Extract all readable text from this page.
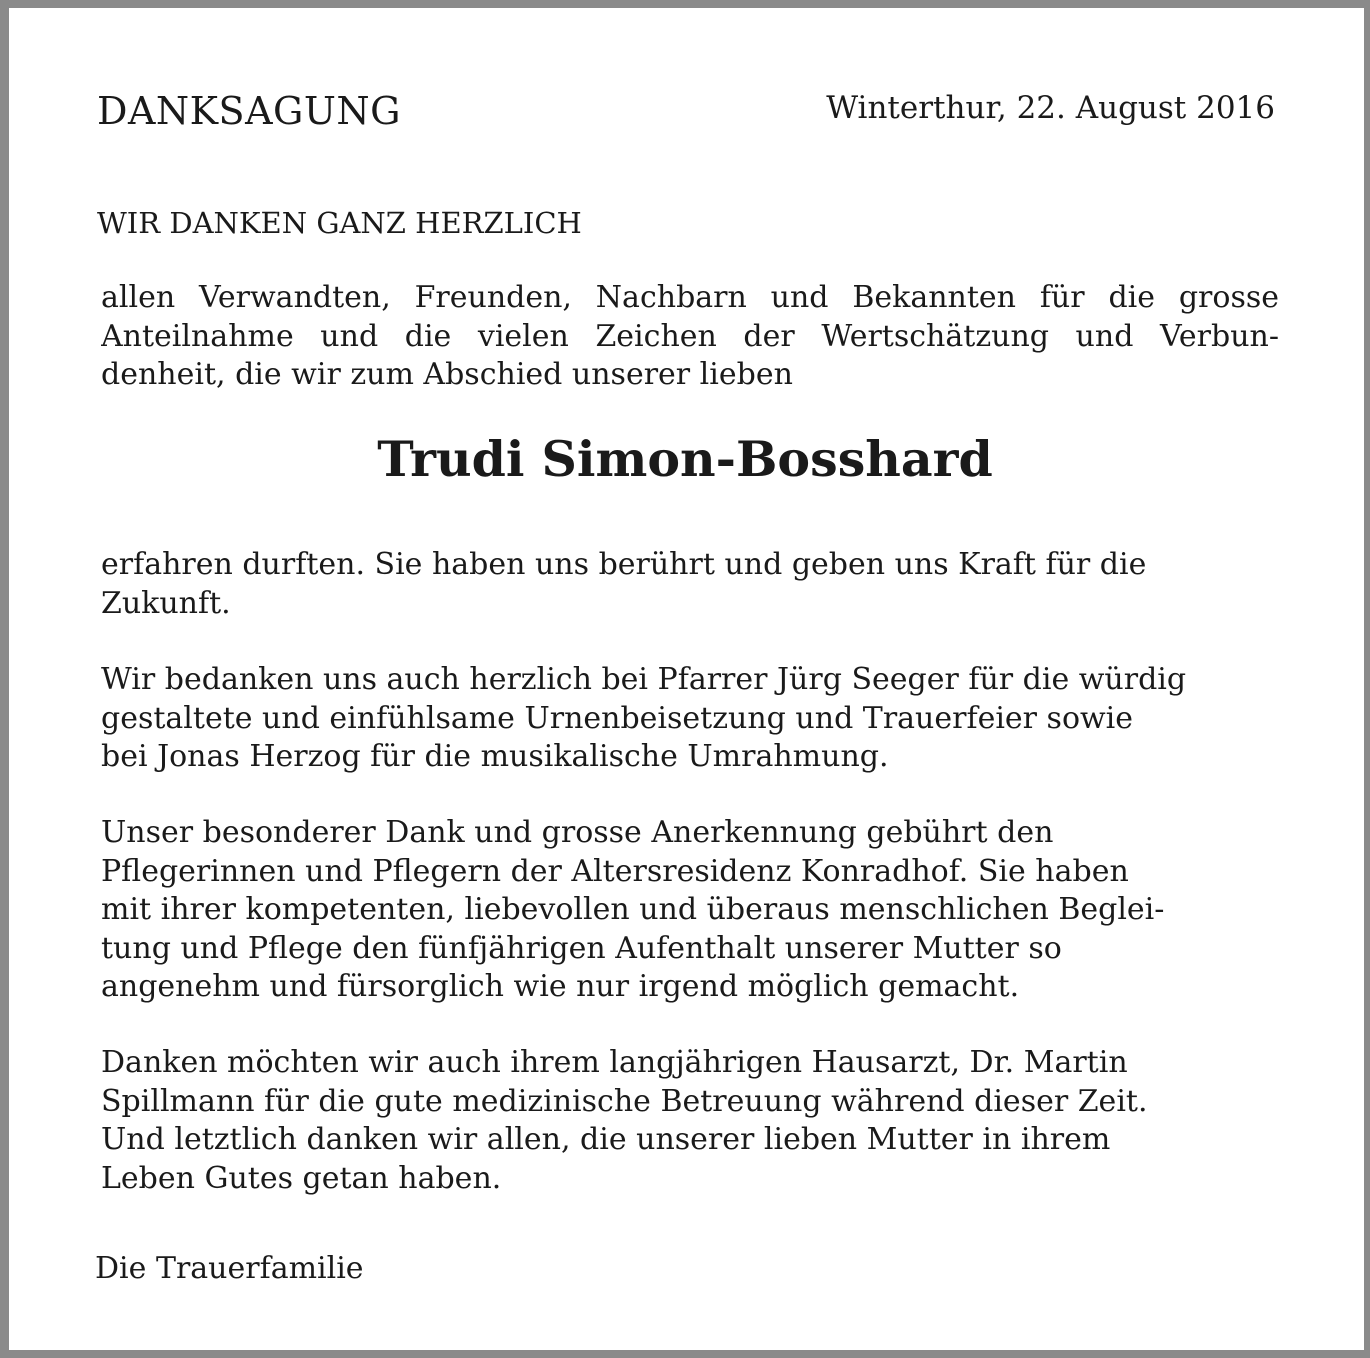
DANKSAGUNG	Winterthur, 22. August 2016
WIR DANKEN GANZ HERZLICH

allen Verwandten, Freunden, Nachbarn und Bekannten für die grosse
Anteilnahme und die vielen Zeichen der Wertschätzung und Verbun-
denheit, die wir zum Abschied unserer lieben

Trudi Simon-Bosshard

erfahren durften. Sie haben uns berührt und geben uns Kraft für die
Zukunft.

Wir bedanken uns auch herzlich bei Pfarrer Jürg Seeger für die würdig
gestaltete und einfühlsame Urnenbeisetzung und Trauerfeier sowie
bei Jonas Herzog für die musikalische Umrahmung.

Unser besonderer Dank und grosse Anerkennung gebührt den
Pflegerinnen und Pflegern der Altersresidenz Konradhof. Sie haben
mit ihrer kompetenten, liebevollen und überaus menschlichen Beglei-
tung und Pflege den fünfjährigen Aufenthalt unserer Mutter so
angenehm und fürsorglich wie nur irgend möglich gemacht.

Danken möchten wir auch ihrem langjährigen Hausarzt, Dr. Martin
Spillmann für die gute medizinische Betreuung während dieser Zeit.
Und letztlich danken wir allen, die unserer lieben Mutter in ihrem
Leben Gutes getan haben.

Die Trauerfamilie
